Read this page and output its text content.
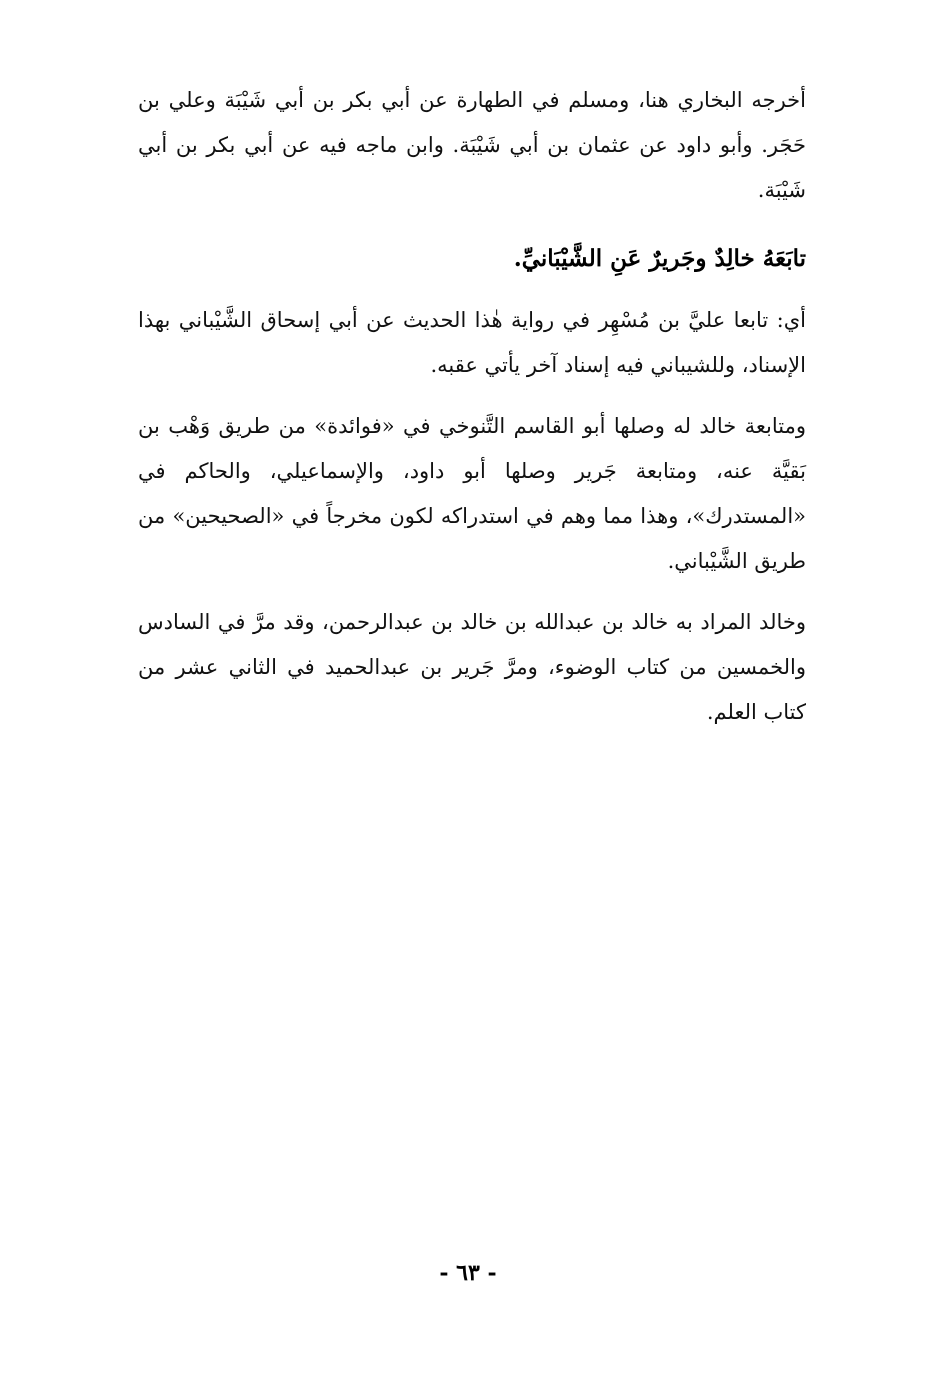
أخرجه البخاري هنا، ومسلم في الطهارة عن أبي بكر بن أبي شَيْبَة وعلي بن حَجَر. وأبو داود عن عثمان بن أبي شَيْبَة. وابن ماجه فيه عن أبي بكر بن أبي شَيْبَة.

تابَعَهُ خالِدٌ وجَريرٌ عَنِ الشَّيْبَانيِّ.

أي: تابعا عليَّ بن مُسْهِر في رواية هٰذا الحديث عن أبي إسحاق الشَّيْباني بهذا الإسناد، وللشيباني فيه إسناد آخر يأتي عقبه.

ومتابعة خالد له وصلها أبو القاسم التَّنوخي في «فوائدة» من طريق وَهْب بن بَقيَّة عنه، ومتابعة جَرير وصلها أبو داود، والإسماعيلي، والحاكم في «المستدرك»، وهذا مما وهم في استدراكه لكون مخرجاً في «الصحيحين» من طريق الشَّيْباني.

وخالد المراد به خالد بن عبدالله بن خالد بن عبدالرحمن، وقد مرَّ في السادس والخمسين من كتاب الوضوء، ومرَّ جَرير بن عبدالحميد في الثاني عشر من كتاب العلم.

- ٦٣ -
